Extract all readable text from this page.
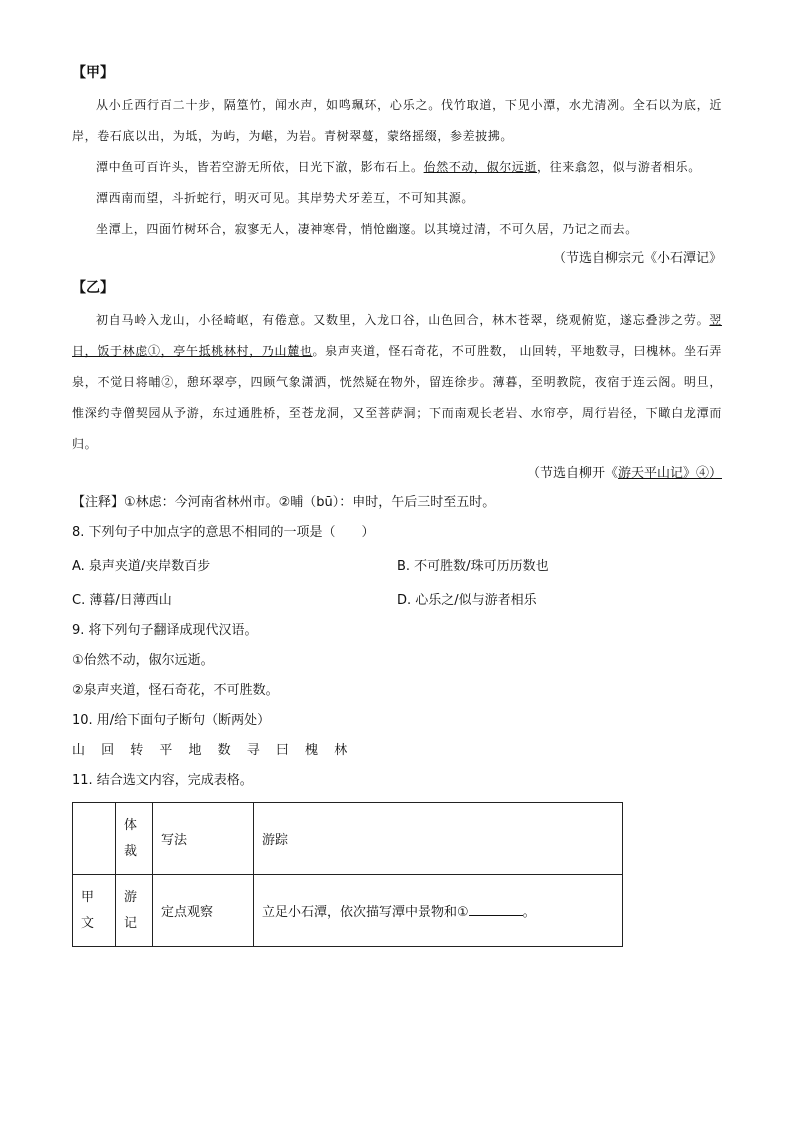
【甲】

从小丘西行百二十步，隔篁竹，闻水声，如鸣珮环，心乐之。伐竹取道，下见小潭，水尤清冽。全石以为底，近岸，卷石底以出，为坻，为屿，为嵁，为岩。青树翠蔓，蒙络摇缀，参差披拂。

潭中鱼可百许头，皆若空游无所依，日光下澈，影布石上。佁然不动，俶尔远逝，往来翕忽，似与游者相乐。

潭西南而望，斗折蛇行，明灭可见。其岸势犬牙差互，不可知其源。

坐潭上，四面竹树环合，寂寥无人，凄神寒骨，悄怆幽邃。以其境过清，不可久居，乃记之而去。

（节选自柳宗元《小石潭记》

【乙】

初自马岭入龙山，小径崎岖，有倦意。又数里，入龙口谷，山色回合，林木苍翠，绕观俯览，遂忘叠涉之劳。翌日，饭于林虑①，亭午抵桃林村，乃山麓也。泉声夹道，怪石奇花，不可胜数， 山回转，平地数寻，曰槐林。坐石弄泉，不觉日将晡②，憩环翠亭，四顾气象潇洒，恍然疑在物外，留连徐步。薄暮，至明教院，夜宿于连云阁。明旦，惟深约寺僧契园从予游，东过通胜桥，至苍龙洞，又至菩萨洞；下而南观长老岩、水帘亭，周行岩径，下瞰白龙潭而归。

（节选自柳开《游天平山记》④）

【注释】①林虑：今河南省林州市。②晡（bū）：申时，午后三时至五时。

8. 下列句子中加点字的意思不相同的一项是（　　）

A. 泉声夹道/夹岸数百步	B. 不可胜数/珠可历历数也
C. 薄暮/日薄西山	D. 心乐之/似与游者相乐

9. 将下列句子翻译成现代汉语。

①佁然不动，俶尔远逝。

②泉声夹道，怪石奇花，不可胜数。

10. 用/给下面句子断句（断两处）

山 回 转 平 地 数 寻 曰 槐 林

11. 结合选文内容，完成表格。

	体裁	写法	游踪

甲文	游记	定点观察	立足小石潭，依次描写潭中景物和① 。
